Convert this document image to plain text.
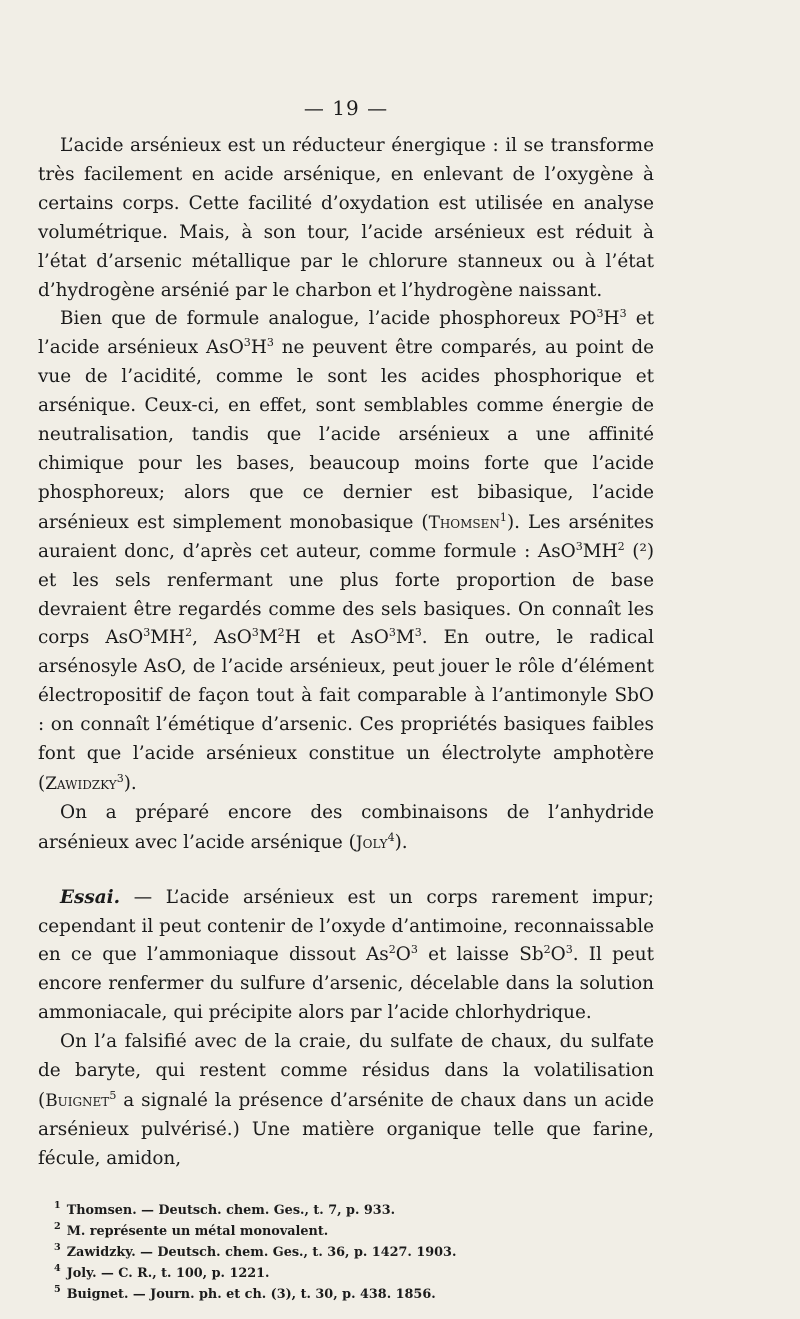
— 19 —

L’acide arsénieux est un réducteur énergique : il se transforme très facilement en acide arsénique, en enlevant de l’oxygène à certains corps. Cette facilité d’oxydation est utilisée en analyse volumétrique. Mais, à son tour, l’acide arsénieux est réduit à l’état d’arsenic métallique par le chlorure stanneux ou à l’état d’hydrogène arsénié par le charbon et l’hydrogène naissant.

Bien que de formule analogue, l’acide phosphoreux $PO^3H^3$ et l’acide arsénieux $AsO^3H^3$ ne peuvent être comparés, au point de vue de l’acidité, comme le sont les acides phosphorique et arsénique. Ceux-ci, en effet, sont semblables comme énergie de neutralisation, tandis que l’acide arsénieux a une affinité chimique pour les bases, beaucoup moins forte que l’acide phosphoreux; alors que ce dernier est bibasique, l’acide arsénieux est simplement monobasique (Thomsen$^1$). Les arsénites auraient donc, d’après cet auteur, comme formule : $AsO^3MH^2$ (²) et les sels renfermant une plus forte proportion de base devraient être regardés comme des sels basiques. On connaît les corps $AsO^3MH^2$, $AsO^3M^2H$ et $AsO^3M^3$. En outre, le radical arsénosyle AsO, de l’acide arsénieux, peut jouer le rôle d’élément électropositif de façon tout à fait comparable à l’antimonyle SbO : on connaît l’émétique d’arsenic. Ces propriétés basiques faibles font que l’acide arsénieux constitue un électrolyte amphotère (Zawidzky$^3$).

On a préparé encore des combinaisons de l’anhydride arsénieux avec l’acide arsénique (Joly$^4$).

Essai. — L’acide arsénieux est un corps rarement impur; cependant il peut contenir de l’oxyde d’antimoine, reconnaissable en ce que l’ammoniaque dissout $As^2O^3$ et laisse $Sb^2O^3$. Il peut encore renfermer du sulfure d’arsenic, décelable dans la solution ammoniacale, qui précipite alors par l’acide chlorhydrique.

On l’a falsifié avec de la craie, du sulfate de chaux, du sulfate de baryte, qui restent comme résidus dans la volatilisation (Buignet$^5$ a signalé la présence d’arsénite de chaux dans un acide arsénieux pulvérisé.) Une matière organique telle que farine, fécule, amidon,

$^1$ Thomsen. — Deutsch. chem. Ges., t. 7, p. 933.

$^2$ M. représente un métal monovalent.

$^3$ Zawidzky. — Deutsch. chem. Ges., t. 36, p. 1427. 1903.

$^4$ Joly. — C. R., t. 100, p. 1221.

$^5$ Buignet. — Journ. ph. et ch. (3), t. 30, p. 438. 1856.
